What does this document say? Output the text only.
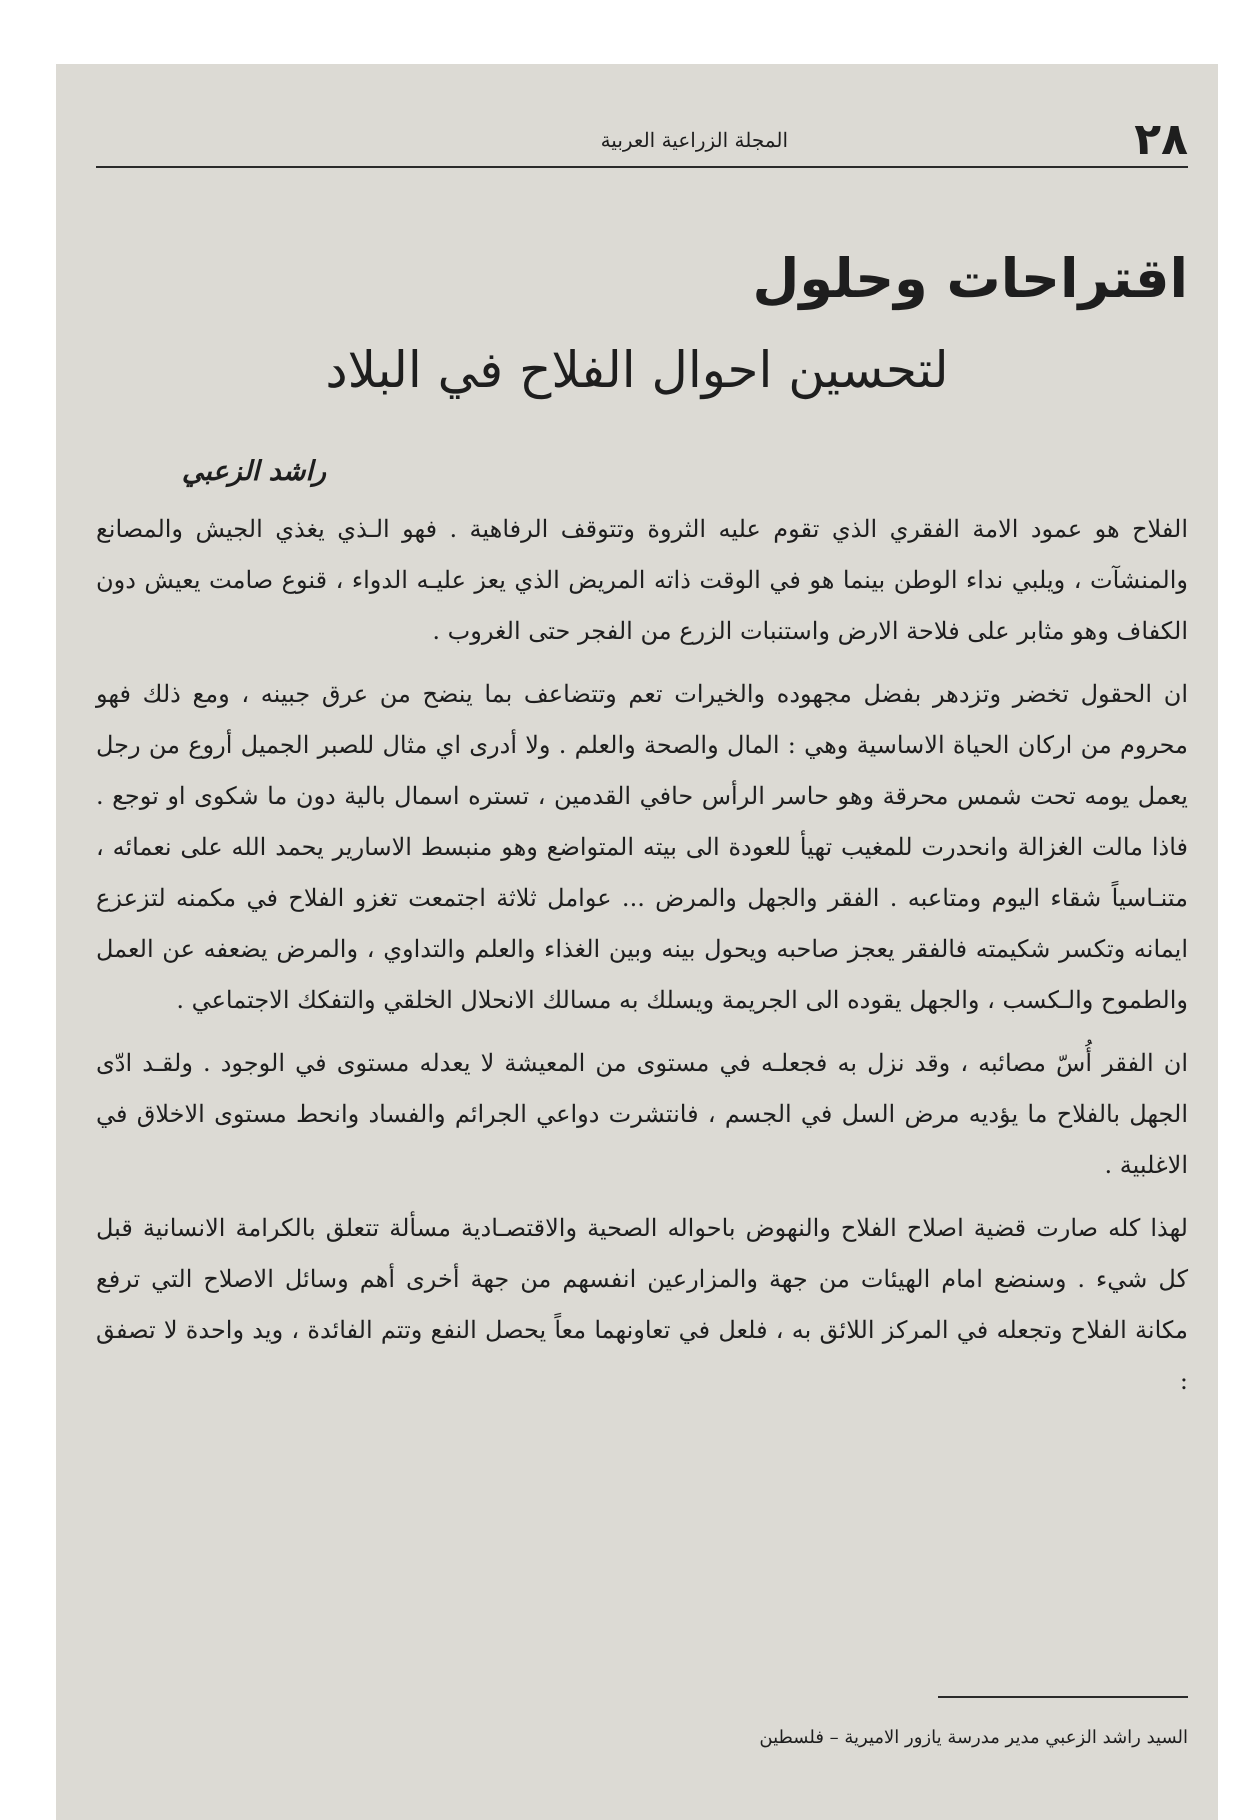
٢٨
المجلة الزراعية العربية
اقتراحات وحلول
لتحسين احوال الفلاح في البلاد
راشد الزعبي

الفلاح هو عمود الامة الفقري الذي تقوم عليه الثروة وتتوقف الرفاهية . فهو الـذي يغذي الجيش والمصانع والمنشآت ، ويلبي نداء الوطن بينما هو في الوقت ذاته المريض الذي يعز عليـه الدواء ، قنوع صامت يعيش دون الكفاف وهو مثابر على فلاحة الارض واستنبات الزرع من الفجر حتى الغروب .

ان الحقول تخضر وتزدهر بفضل مجهوده والخيرات تعم وتتضاعف بما ينضح من عرق جبينه ، ومع ذلك فهو محروم من اركان الحياة الاساسية وهي : المال والصحة والعلم . ولا أدرى اي مثال للصبر الجميل أروع من رجل يعمل يومه تحت شمس محرقة وهو حاسر الرأس حافي القدمين ، تستره اسمال بالية دون ما شكوى او توجع . فاذا مالت الغزالة وانحدرت للمغيب تهيأ للعودة الى بيته المتواضع وهو منبسط الاسارير يحمد الله على نعمائه ، متنـاسياً شقاء اليوم ومتاعبه . الفقر والجهل والمرض ... عوامل ثلاثة اجتمعت تغزو الفلاح في مكمنه لتزعزع ايمانه وتكسر شكيمته فالفقر يعجز صاحبه ويحول بينه وبين الغذاء والعلم والتداوي ، والمرض يضعفه عن العمل والطموح والـكسب ، والجهل يقوده الى الجريمة ويسلك به مسالك الانحلال الخلقي والتفكك الاجتماعي .

ان الفقر أُسّ مصائبه ، وقد نزل به فجعلـه في مستوى من المعيشة لا يعدله مستوى في الوجود . ولقـد ادّى الجهل بالفلاح ما يؤديه مرض السل في الجسم ، فانتشرت دواعي الجرائم والفساد وانحط مستوى الاخلاق في الاغلبية .

لهذا كله صارت قضية اصلاح الفلاح والنهوض باحواله الصحية والاقتصـادية مسألة تتعلق بالكرامة الانسانية قبل كل شيء . وسنضع امام الهيئات من جهة والمزارعين انفسهم من جهة أخرى أهم وسائل الاصلاح التي ترفع مكانة الفلاح وتجعله في المركز اللائق به ، فلعل في تعاونهما معاً يحصل النفع وتتم الفائدة ، ويد واحدة لا تصفق :

السيد راشد الزعبي مدير مدرسة يازور الاميرية – فلسطين
